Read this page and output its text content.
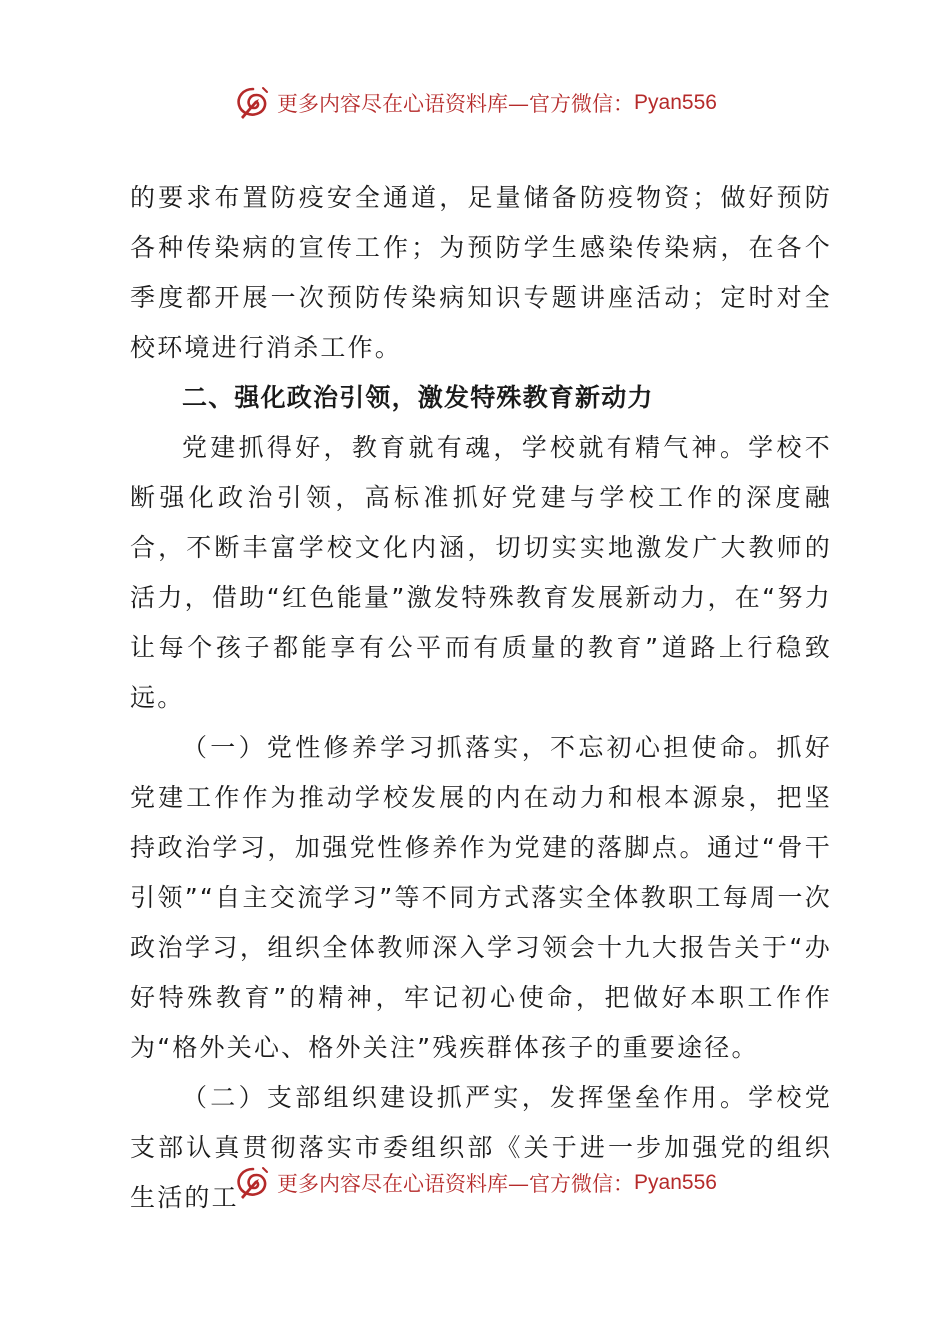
更多内容尽在心语资料库 —官方微信： Pyan556

的要求布置防疫安全通道，足量储备防疫物资；做好预防各种传染病的宣传工作；为预防学生感染传染病，在各个季度都开展一次预防传染病知识专题讲座活动；定时对全校环境进行消杀工作。

二、强化政治引领，激发特殊教育新动力

党建抓得好，教育就有魂，学校就有精气神。学校不断强化政治引领，高标准抓好党建与学校工作的深度融合，不断丰富学校文化内涵，切切实实地激发广大教师的活力，借助“红色能量”激发特殊教育发展新动力，在“努力让每个孩子都能享有公平而有质量的教育”道路上行稳致远。

（一）党性修养学习抓落实，不忘初心担使命。抓好党建工作作为推动学校发展的内在动力和根本源泉，把坚持政治学习，加强党性修养作为党建的落脚点。通过“骨干引领”“自主交流学习”等不同方式落实全体教职工每周一次政治学习，组织全体教师深入学习领会十九大报告关于“办好特殊教育”的精神，牢记初心使命，把做好本职工作作为“格外关心、格外关注”残疾群体孩子的重要途径。

（二）支部组织建设抓严实，发挥堡垒作用。学校党支部认真贯彻落实市委组织部《关于进一步加强党的组织生活的工	更多内容尽在心语资料库 —官方微信： Pyan556
